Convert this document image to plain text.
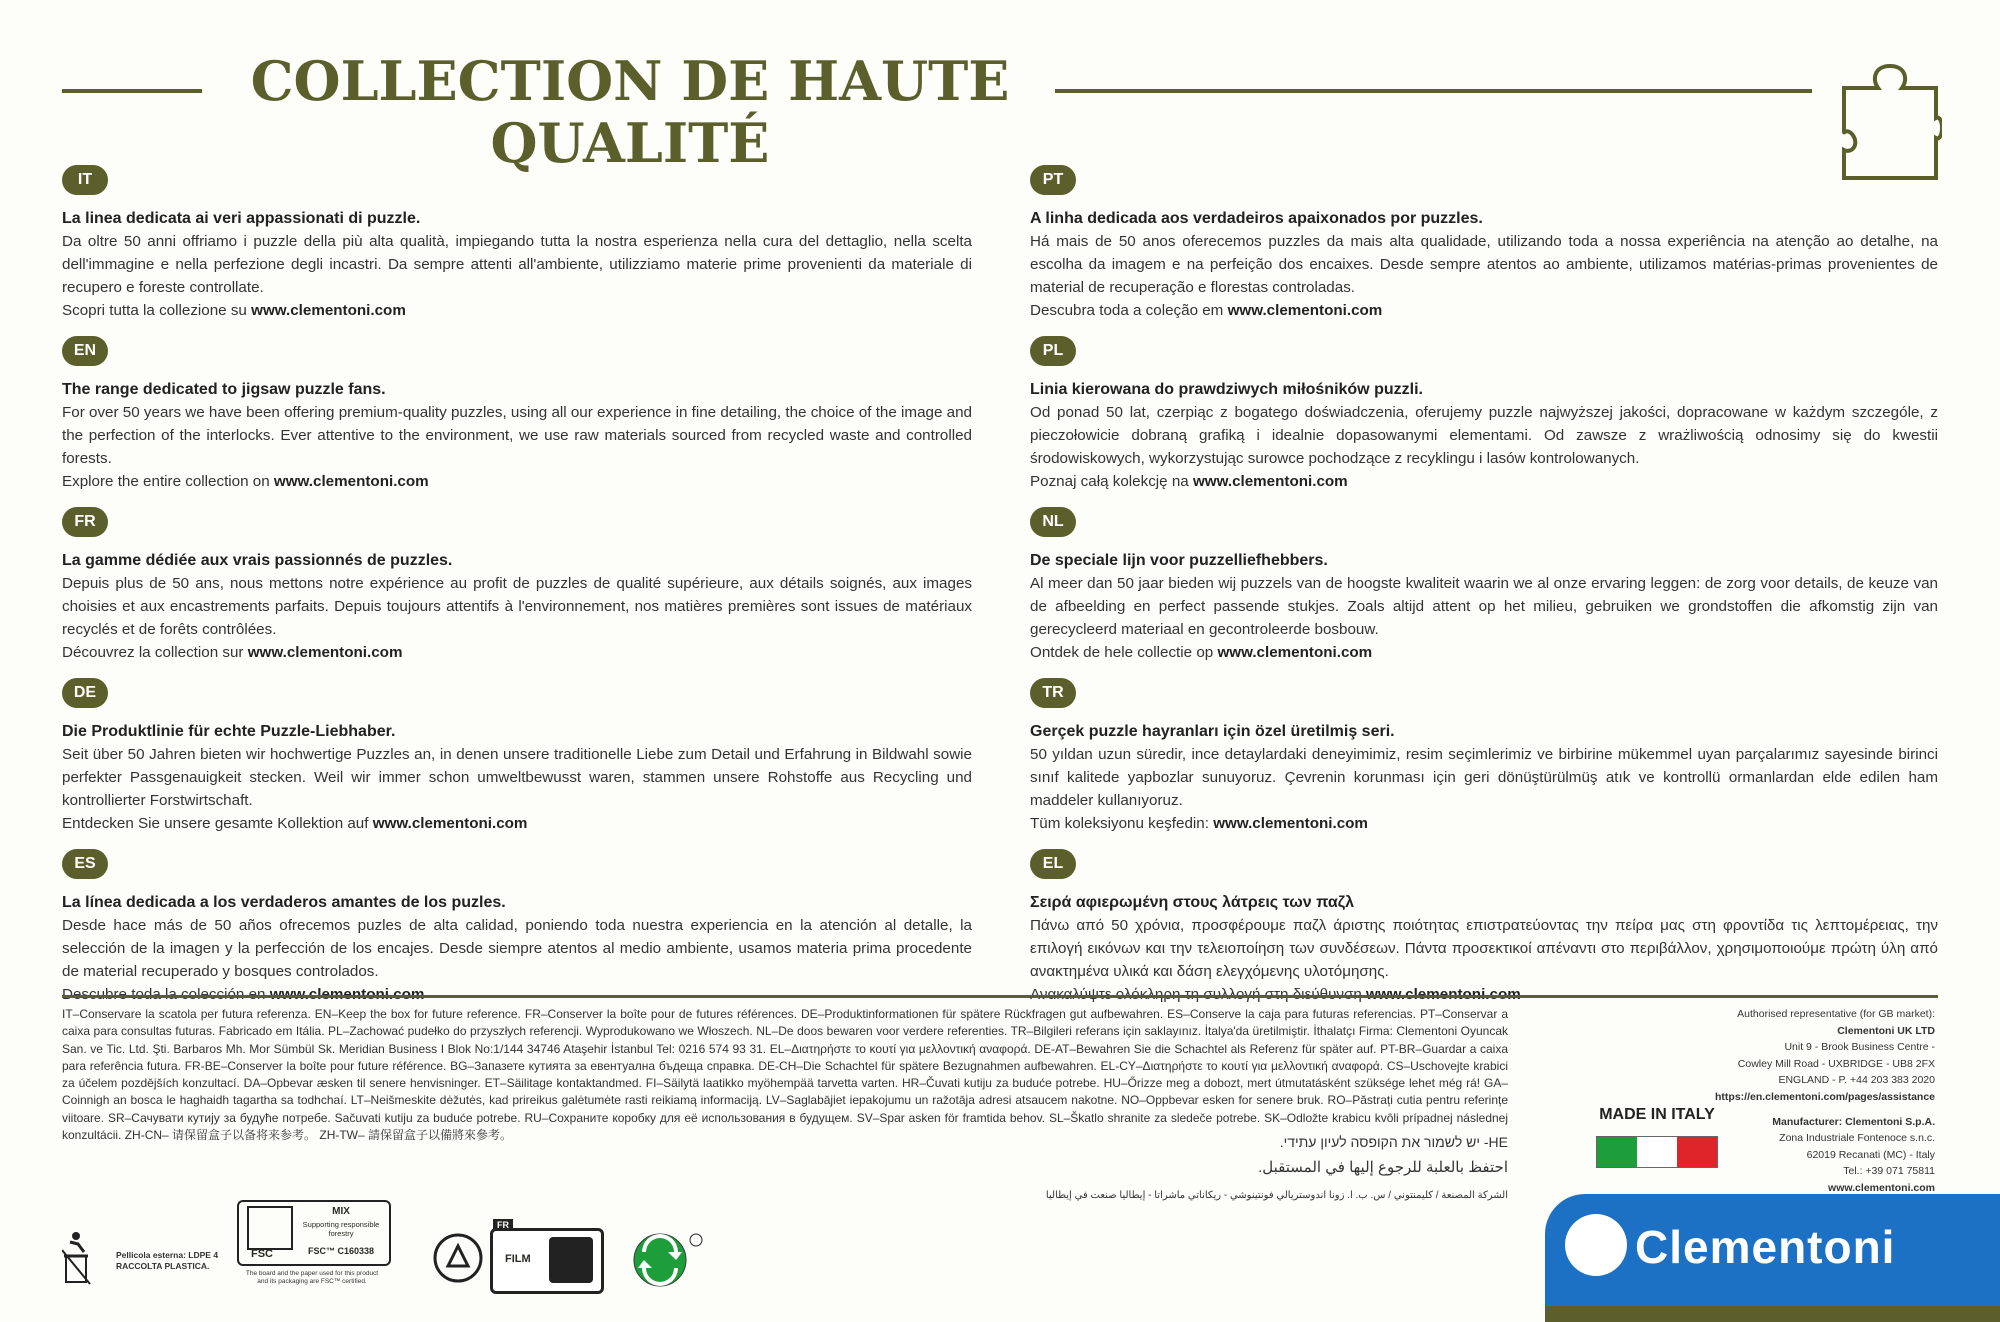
COLLECTION DE HAUTE
QUALITÉ
IT
La linea dedicata ai veri appassionati di puzzle.
Da oltre 50 anni offriamo i puzzle della più alta qualità, impiegando tutta la nostra esperienza nella cura del dettaglio, nella scelta dell'immagine e nella perfezione degli incastri. Da sempre attenti all'ambiente, utilizziamo materie prime provenienti da materiale di recupero e foreste controllate.
Scopri tutta la collezione su www.clementoni.com
EN
The range dedicated to jigsaw puzzle fans.
For over 50 years we have been offering premium-quality puzzles, using all our experience in fine detailing, the choice of the image and the perfection of the interlocks. Ever attentive to the environment, we use raw materials sourced from recycled waste and controlled forests.
Explore the entire collection on www.clementoni.com
FR
La gamme dédiée aux vrais passionnés de puzzles.
Depuis plus de 50 ans, nous mettons notre expérience au profit de puzzles de qualité supérieure, aux détails soignés, aux images choisies et aux encastrements parfaits. Depuis toujours attentifs à l'environnement, nos matières premières sont issues de matériaux recyclés et de forêts contrôlées.
Découvrez la collection sur www.clementoni.com
DE
Die Produktlinie für echte Puzzle-Liebhaber.
Seit über 50 Jahren bieten wir hochwertige Puzzles an, in denen unsere traditionelle Liebe zum Detail und Erfahrung in Bildwahl sowie perfekter Passgenauigkeit stecken. Weil wir immer schon umweltbewusst waren, stammen unsere Rohstoffe aus Recycling und kontrollierter Forstwirtschaft.
Entdecken Sie unsere gesamte Kollektion auf www.clementoni.com
ES
La línea dedicada a los verdaderos amantes de los puzles.
Desde hace más de 50 años ofrecemos puzles de alta calidad, poniendo toda nuestra experiencia en la atención al detalle, la selección de la imagen y la perfección de los encajes. Desde siempre atentos al medio ambiente, usamos materia prima procedente de material recuperado y bosques controlados.
PT
A linha dedicada aos verdadeiros apaixonados por puzzles.
Há mais de 50 anos oferecemos puzzles da mais alta qualidade, utilizando toda a nossa experiência na atenção ao detalhe, na escolha da imagem e na perfeição dos encaixes. Desde sempre atentos ao ambiente, utilizamos matérias-primas provenientes de material de recuperação e florestas controladas.
Descubra toda a coleção em www.clementoni.com
PL
Linia kierowana do prawdziwych miłośników puzzli.
Od ponad 50 lat, czerpiąc z bogatego doświadczenia, oferujemy puzzle najwyższej jakości, dopracowane w każdym szczególe, z pieczołowicie dobraną grafiką i idealnie dopasowanymi elementami. Od zawsze z wrażliwością odnosimy się do kwestii środowiskowych, wykorzystując surowce pochodzące z recyklingu i lasów kontrolowanych.
Poznaj całą kolekcję na www.clementoni.com
NL
De speciale lijn voor puzzelliefhebbers.
Al meer dan 50 jaar bieden wij puzzels van de hoogste kwaliteit waarin we al onze ervaring leggen: de zorg voor details, de keuze van de afbeelding en perfect passende stukjes. Zoals altijd attent op het milieu, gebruiken we grondstoffen die afkomstig zijn van gerecycleerd materiaal en gecontroleerde bosbouw.
Ontdek de hele collectie op www.clementoni.com
TR
Gerçek puzzle hayranları için özel üretilmiş seri.
50 yıldan uzun süredir, ince detaylardaki deneyimimiz, resim seçimlerimiz ve birbirine mükemmel uyan parçalarımız sayesinde birinci sınıf kalitede yapbozlar sunuyoruz. Çevrenin korunması için geri dönüştürülmüş atık ve kontrollü ormanlardan elde edilen ham maddeler kullanıyoruz.
Tüm koleksiyonu keşfedin: www.clementoni.com
EL
Σειρά αφιερωμένη στους λάτρεις των παζλ
Πάνω από 50 χρόνια, προσφέρουμε παζλ άριστης ποιότητας επιστρατεύοντας την πείρα μας στη φροντίδα τις λεπτομέρειας, την επιλογή εικόνων και την τελειοποίηση των συνδέσεων. Πάντα προσεκτικοί απέναντι στο περιβάλλον, χρησιμοποιούμε πρώτη ύλη από ανακτημένα υλικά και δάση ελεγχόμενης υλοτόμησης.
IT–Conservare la scatola per futura referenza. EN–Keep the box for future reference. FR–Conserver la boîte pour de futures références. DE–Produktinformationen für spätere Rückfragen gut aufbewahren. ES–Conserve la caja para futuras referencias. PT–Conservar a caixa para consultas futuras. Fabricado em Itália. PL–Zachować pudełko do przyszłych referencji. Wyprodukowano we Włoszech. NL–De doos bewaren voor verdere referenties. TR–Bilgileri referans için saklayınız. İtalya'da üretilmiştir. İthalatçı Firma: Clementoni Oyuncak San. ve Tic. Ltd. Şti. Barbaros Mh. Mor Sümbül Sk. Meridian Business I Blok No:1/144 34746 Ataşehir İstanbul Tel: 0216 574 93 31. EL–Διατηρήστε το κουτί για μελλοντική αναφορά. DE-AT–Bewahren Sie die Schachtel als Referenz für später auf. PT-BR–Guardar a caixa para referência futura. FR-BE–Conserver la boîte pour future référence. BG–Запазете кутията за евентуална бъдеща справка. DE-CH–Die Schachtel für spätere Bezugnahmen aufbewahren. EL-CY–Διατηρήστε το κουτί για μελλοντική αναφορά. CS–Uschovejte krabici za účelem pozdějších konzultací. DA–Opbevar æsken til senere henvisninger. ET–Säilitage kontaktandmed. FI–Säilytä laatikko myöhempää tarvetta varten. HR–Čuvati kutiju za buduće potrebe. HU–Őrizze meg a dobozt, mert útmutatásként szüksége lehet még rá! GA–Coinnigh an bosca le haghaidh tagartha sa todhchaí. LT–Neišmeskite dėžutės, kad prireikus galėtumėte rasti reikiamą informaciją. LV–Saglabājiet iepakojumu un ražotāja adresi atsaucem nakotne. NO–Oppbevar esken for senere bruk. RO–Păstrați cutia pentru referințe viitoare. SR–Сачувати кутију за будуће потребе. Sačuvati kutiju za buduće potrebe. RU–Сохраните коробку для её использования в будущем. SV–Spar asken för framtida behov. SL–Škatlo shranite za sledeče potrebe. SK–Odložte krabicu kvôli prípadnej následnej konzultácii. ZH-CN– 请保留盒子以备将来参考。 ZH-TW– 請保留盒子以備將來參考。	HE- יש לשמור את הקופסה לעיון עתידי.
احتفظ بالعلبة للرجوع إليها في المستقبل.
الشركة المصنعة / كليمنتوني / س. ب. ا. زونا اندوستريالي فونتينوشي - ريكاناتي ماشراتا - إيطاليا صنعت في إيطاليا
Authorised representative (for GB market):
Clementoni UK LTD
Unit 9 - Brook Business Centre -
Cowley Mill Road - UXBRIDGE - UB8 2FX
ENGLAND - P. +44 203 383 2020
https://en.clementoni.com/pages/assistance
Manufacturer: Clementoni S.p.A.
Zona Industriale Fontenoce s.n.c.
62019 Recanati (MC) - Italy
Tel.: +39 071 75811
www.clementoni.com
MADE IN ITALY
Pellicola esterna: LDPE 4 RACCOLTA PLASTICA.
FSC
MIX
Supporting responsible forestry
FSC™ C160338
The board and the paper used for this product and its packaging are FSC™ certified.
FR
FILM	Clementoni
